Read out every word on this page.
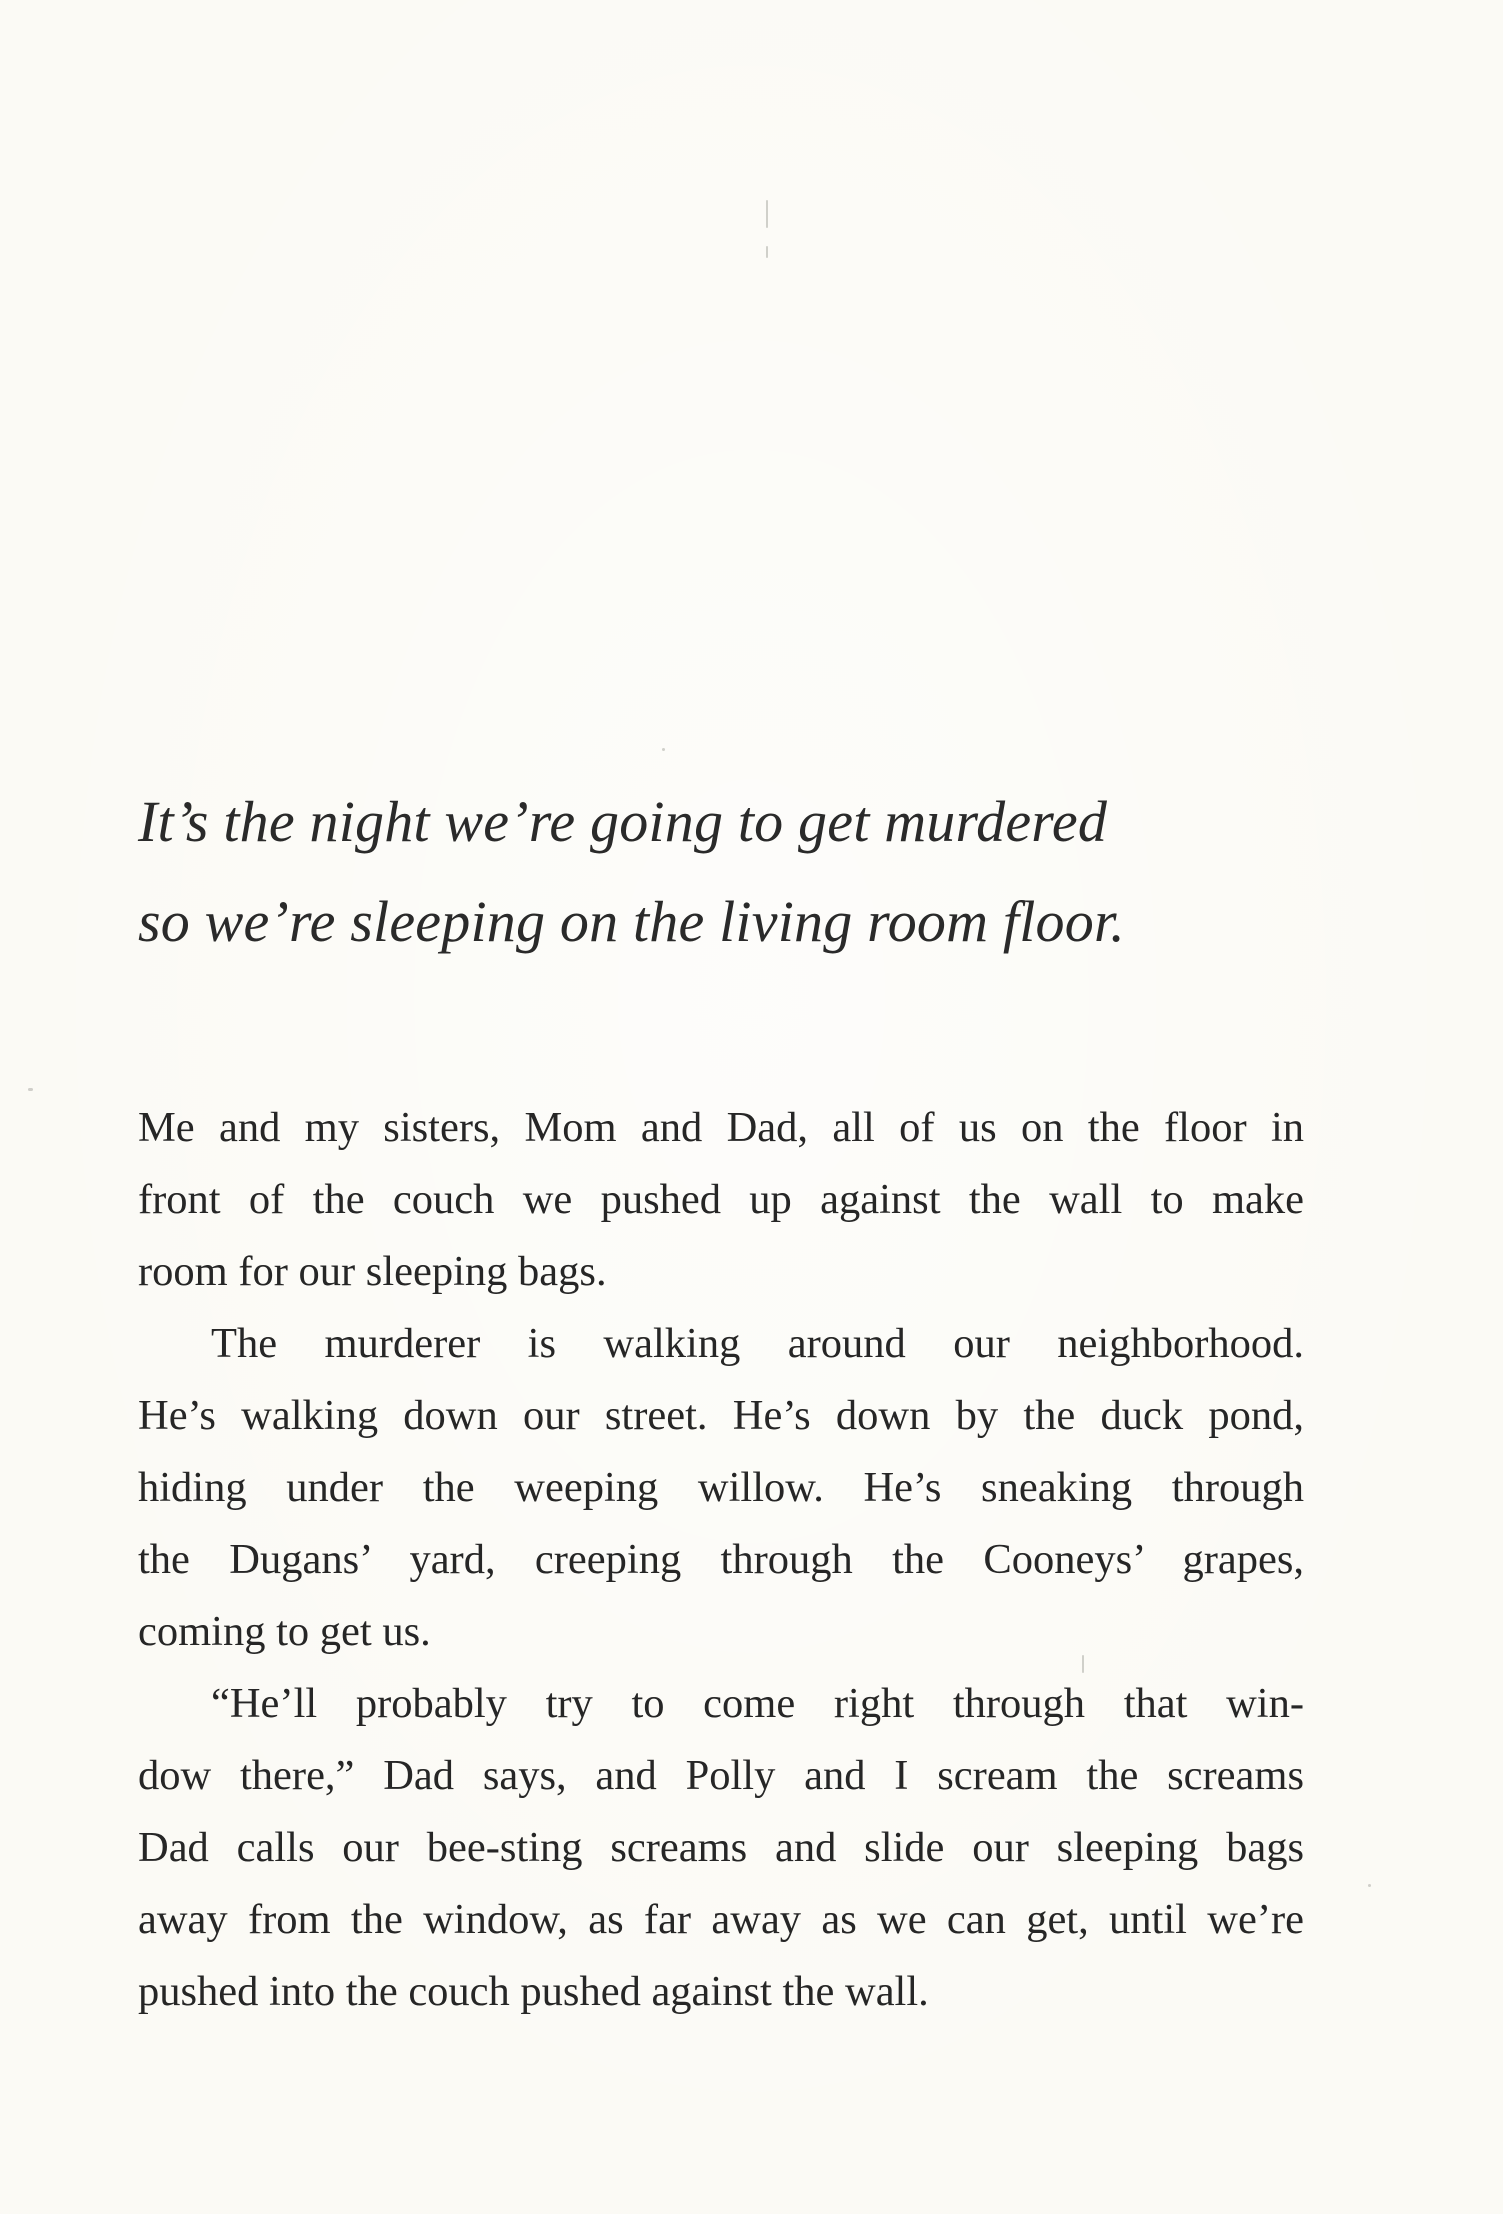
It’s the night we’re going to get murdered
so we’re sleeping on the living room floor.
Me and my sisters, Mom and Dad, all of us on the floor in
front of the couch we pushed up against the wall to make
room for our sleeping bags.
The murderer is walking around our neighborhood.
He’s walking down our street. He’s down by the duck pond,
hiding under the weeping willow. He’s sneaking through
the Dugans’ yard, creeping through the Cooneys’ grapes,
coming to get us.
“He’ll probably try to come right through that win-
dow there,” Dad says, and Polly and I scream the screams
Dad calls our bee-sting screams and slide our sleeping bags
away from the window, as far away as we can get, until we’re
pushed into the couch pushed against the wall.
